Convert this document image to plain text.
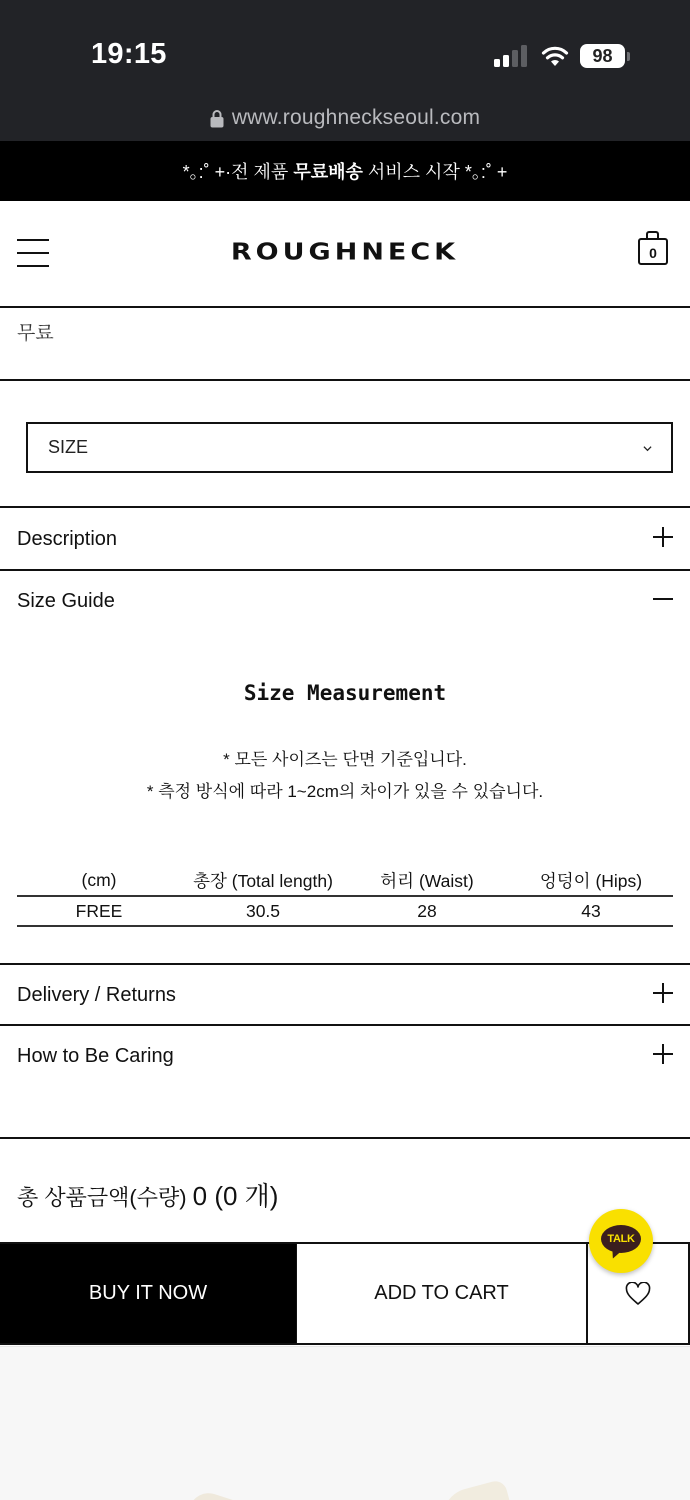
19:15	98
www.roughneckseoul.com
*｡:˚ +·전 제품 무료배송 서비스 시작 *｡:˚ +
ROUGHNECK	0
무료
SIZE
Description
Size Guide
Size Measurement
* 모든 사이즈는 단면 기준입니다.
* 측정 방식에 따라 1~2cm의 차이가 있을 수 있습니다.
(cm)	총장 (Total length)	허리 (Waist)	엉덩이 (Hips)
FREE	30.5	28	43
Delivery / Returns
How to Be Caring
총 상품금액(수량) 0 (0 개)
BUY IT NOW	ADD TO CART
TALK
